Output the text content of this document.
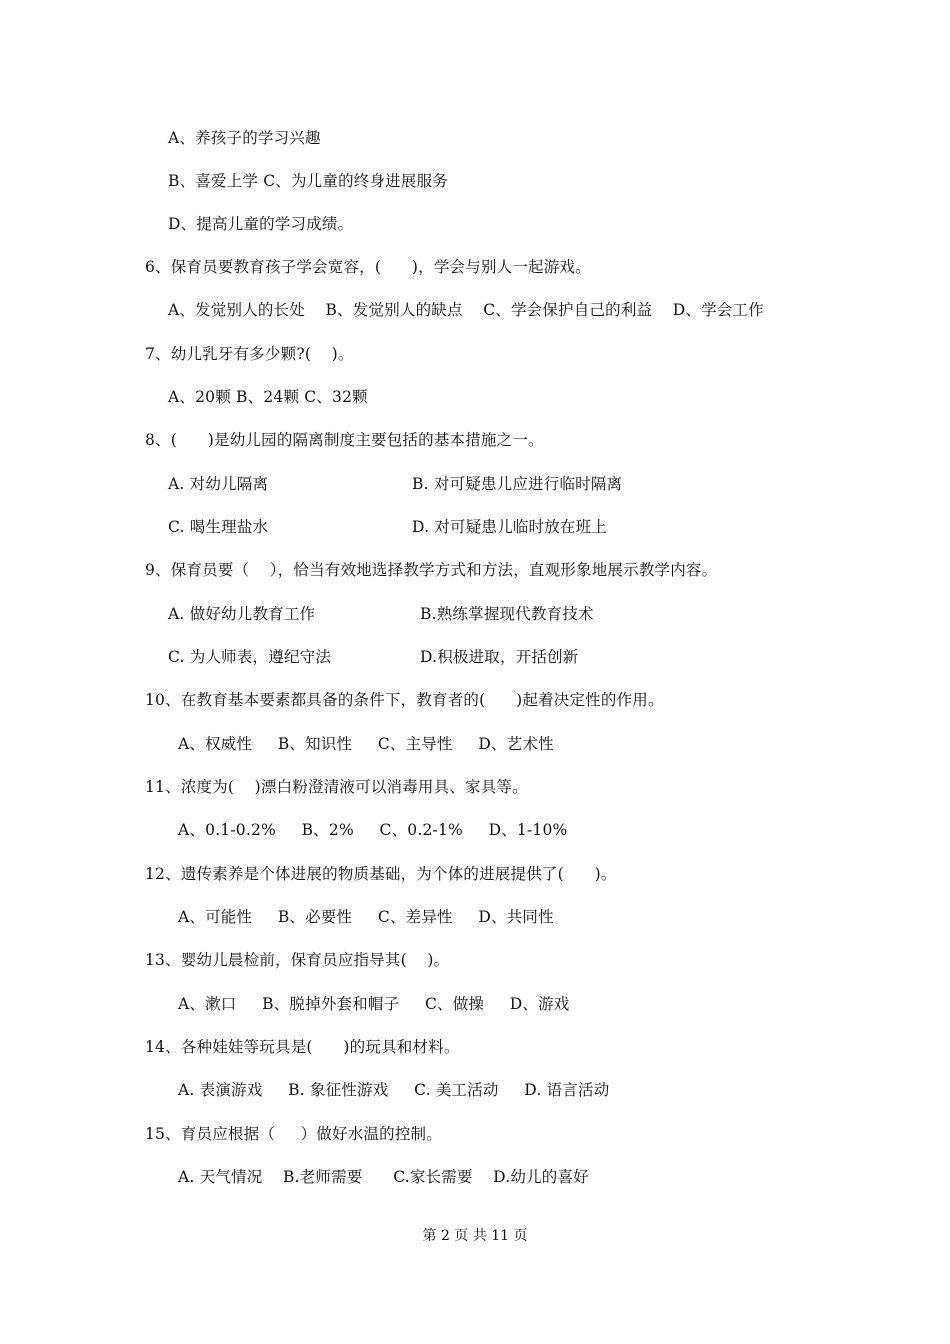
A、养孩子的学习兴趣
B、喜爱上学 C、为儿童的终身进展服务
D、提高儿童的学习成绩。
6、保育员要教育孩子学会宽容，(      )，学会与别人一起游戏。
A、发觉别人的长处    B、发觉别人的缺点    C、学会保护自己的利益    D、学会工作
7、幼儿乳牙有多少颗?(    )。
A、20颗 B、24颗 C、32颗
8、(      )是幼儿园的隔离制度主要包括的基本措施之一。
A. 对幼儿隔离	B. 对可疑患儿应进行临时隔离
C. 喝生理盐水	D. 对可疑患儿临时放在班上
9、保育员要（    ），恰当有效地选择教学方式和方法，直观形象地展示教学内容。
A. 做好幼儿教育工作	B.熟练掌握现代教育技术
C. 为人师表，遵纪守法	D.积极进取，开括创新
10、在教育基本要素都具备的条件下，教育者的(      )起着决定性的作用。
A、权威性     B、知识性     C、主导性     D、艺术性
11、浓度为(    )漂白粉澄清液可以消毒用具、家具等。
A、0.1-0.2%     B、2%     C、0.2-1%     D、1-10%
12、遗传素养是个体进展的物质基础，为个体的进展提供了(      )。
A、可能性     B、必要性     C、差异性     D、共同性
13、婴幼儿晨检前，保育员应指导其(    )。
A、漱口     B、脱掉外套和帽子     C、做操     D、游戏
14、各种娃娃等玩具是(      )的玩具和材料。
A. 表演游戏     B. 象征性游戏     C. 美工活动     D. 语言活动
15、育员应根据（     ）做好水温的控制。
A. 天气情况    B.老师需要      C.家长需要    D.幼儿的喜好
第 2 页 共 11 页
